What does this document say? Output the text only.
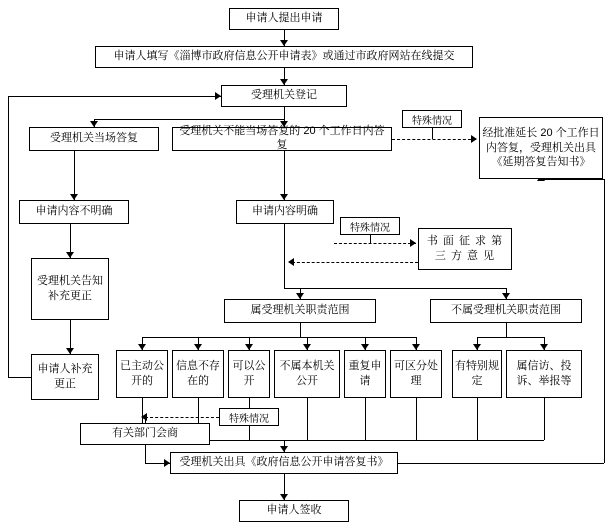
申请人提出申请
申请人填写《淄博市政府信息公开申请表》或通过市政府网站在线提交
受理机关登记
受理机关当场答复
受理机关不能当场答复的 20 个工作日内答复
经批准延长 20 个工作日内答复，受理机关出具《延期答复告知书》
申请内容不明确	申请内容明确
书 面 征 求 第 三 方 意 见
受理机关告知补充更正
申请人补充更正
属受理机关职责范围	不属受理机关职责范围
已主动公开的
信息不存在的
可以公开
不属本机关公开
重复申请
可区分处理
有特别规定
属信访、投诉、举报等
有关部门会商
受理机关出具《政府信息公开申请答复书》
申请人签收
特殊情况
特殊情况
特殊情况
